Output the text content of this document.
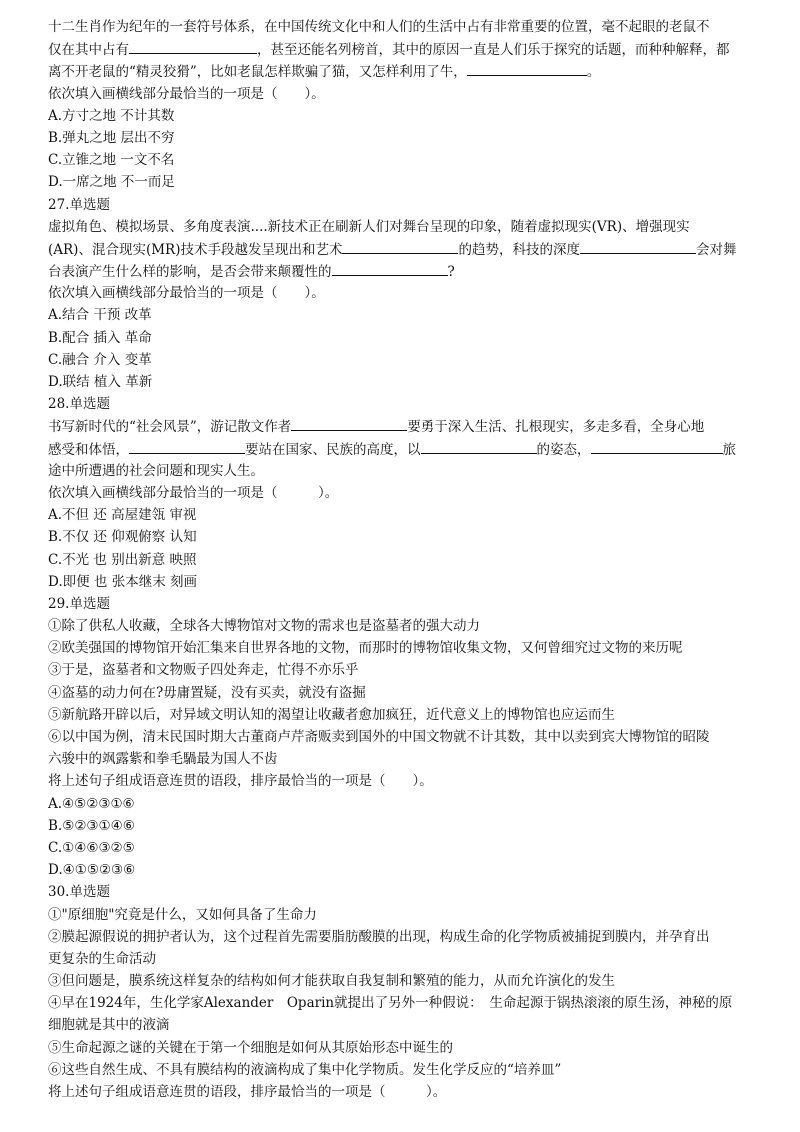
十二生肖作为纪年的一套符号体系，在中国传统文化中和人们的生活中占有非常重要的位置，毫不起眼的老鼠不
仅在其中占有	，甚至还能名列榜首，其中的原因一直是人们乐于探究的话题，而种种解释，都
离不开老鼠的“精灵狡猾”，比如老鼠怎样欺骗了猫，又怎样利用了牛，	。
依次填入画横线部分最恰当的一项是（　　）。
A.方寸之地 不计其数
B.弹丸之地 层出不穷
C.立锥之地 一文不名
D.一席之地 不一而足
27.单选题
虚拟角色、模拟场景、多角度表演....新技术正在刷新人们对舞台呈现的印象，随着虚拟现实(VR)、增强现实
(AR)、混合现实(MR)技术手段越发呈现出和艺术	的趋势，科技的深度	会对舞
台表演产生什么样的影响，是否会带来颠覆性的	?
依次填入画横线部分最恰当的一项是（　　）。
A.结合 干预 改革
B.配合 插入 革命
C.融合 介入 变革
D.联结 植入 革新
28.单选题
书写新时代的“社会风景”，游记散文作者	要勇于深入生活、扎根现实，多走多看，全身心地
感受和体悟，	要站在国家、民族的高度，以	的姿态，	旅
途中所遭遇的社会问题和现实人生。
依次填入画横线部分最恰当的一项是（　　　）。
A.不但 还 高屋建瓴 审视
B.不仅 还 仰观俯察 认知
C.不光 也 别出新意 映照
D.即便 也 张本继末 刻画
29.单选题
①除了供私人收藏，全球各大博物馆对文物的需求也是盗墓者的强大动力
②欧美强国的博物馆开始汇集来自世界各地的文物，而那时的博物馆收集文物，又何曾细究过文物的来历呢
③于是，盗墓者和文物贩子四处奔走，忙得不亦乐乎
④盗墓的动力何在?毋庸置疑，没有买卖，就没有盗掘
⑤新航路开辟以后，对异域文明认知的渴望让收藏者愈加疯狂，近代意义上的博物馆也应运而生
⑥以中国为例，清末民国时期大古董商卢芹斋贩卖到国外的中国文物就不计其数，其中以卖到宾大博物馆的昭陵
六骏中的飒露紫和拳毛騧最为国人不齿
将上述句子组成语意连贯的语段，排序最恰当的一项是（　　）。
A.④⑤②③①⑥
B.⑤②③①④⑥
C.①④⑥③②⑤
D.④①⑤②③⑥
30.单选题
①"原细胞"究竟是什么，又如何具备了生命力
②膜起源假说的拥护者认为，这个过程首先需要脂肪酸膜的出现，构成生命的化学物质被捕捉到膜内，并孕育出
更复杂的生命活动
③但问题是，膜系统这样复杂的结构如何才能获取自我复制和繁殖的能力，从而允许演化的发生
④早在1924年，生化学家Alexander　Oparin就提出了另外一种假说：　生命起源于锅热滚滚的原生汤，神秘的原
细胞就是其中的液滴
⑤生命起源之谜的关键在于第一个细胞是如何从其原始形态中诞生的
⑥这些自然生成、不具有膜结构的液滴构成了集中化学物质。发生化学反应的“培养皿”
将上述句子组成语意连贯的语段，排序最恰当的一项是（　　　）。
